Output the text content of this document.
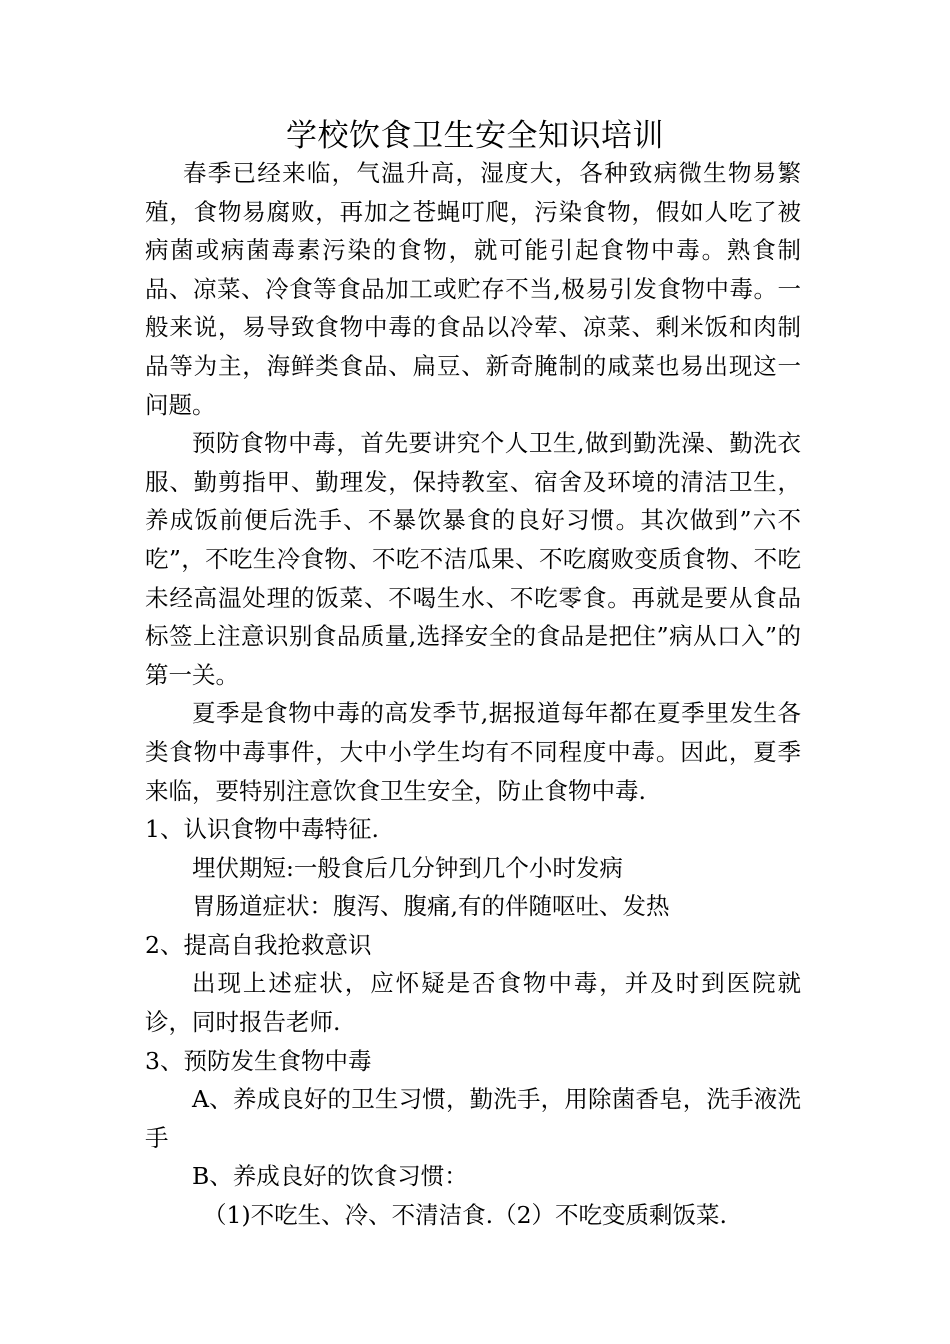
学校饮食卫生安全知识培训

春季已经来临，气温升高，湿度大，各种致病微生物易繁殖，食物易腐败，再加之苍蝇叮爬，污染食物，假如人吃了被病菌或病菌毒素污染的食物，就可能引起食物中毒。熟食制品、凉菜、冷食等食品加工或贮存不当,极易引发食物中毒。一般来说，易导致食物中毒的食品以冷荤、凉菜、剩米饭和肉制品等为主，海鲜类食品、扁豆、新奇腌制的咸菜也易出现这一问题。

预防食物中毒，首先要讲究个人卫生,做到勤洗澡、勤洗衣服、勤剪指甲、勤理发，保持教室、宿舍及环境的清洁卫生，养成饭前便后洗手、不暴饮暴食的良好习惯。其次做到”六不吃”，不吃生冷食物、不吃不洁瓜果、不吃腐败变质食物、不吃未经高温处理的饭菜、不喝生水、不吃零食。再就是要从食品标签上注意识别食品质量,选择安全的食品是把住”病从口入”的第一关。

夏季是食物中毒的高发季节,据报道每年都在夏季里发生各类食物中毒事件，大中小学生均有不同程度中毒。因此，夏季来临，要特别注意饮食卫生安全，防止食物中毒.

1、认识食物中毒特征.

埋伏期短:一般食后几分钟到几个小时发病

胃肠道症状：腹泻、腹痛,有的伴随呕吐、发热

2、提高自我抢救意识

出现上述症状，应怀疑是否食物中毒，并及时到医院就诊，同时报告老师.

3、预防发生食物中毒

A、养成良好的卫生习惯，勤洗手，用除菌香皂，洗手液洗手

B、养成良好的饮食习惯：

（1)不吃生、冷、不清洁食.（2）不吃变质剩饭菜.
